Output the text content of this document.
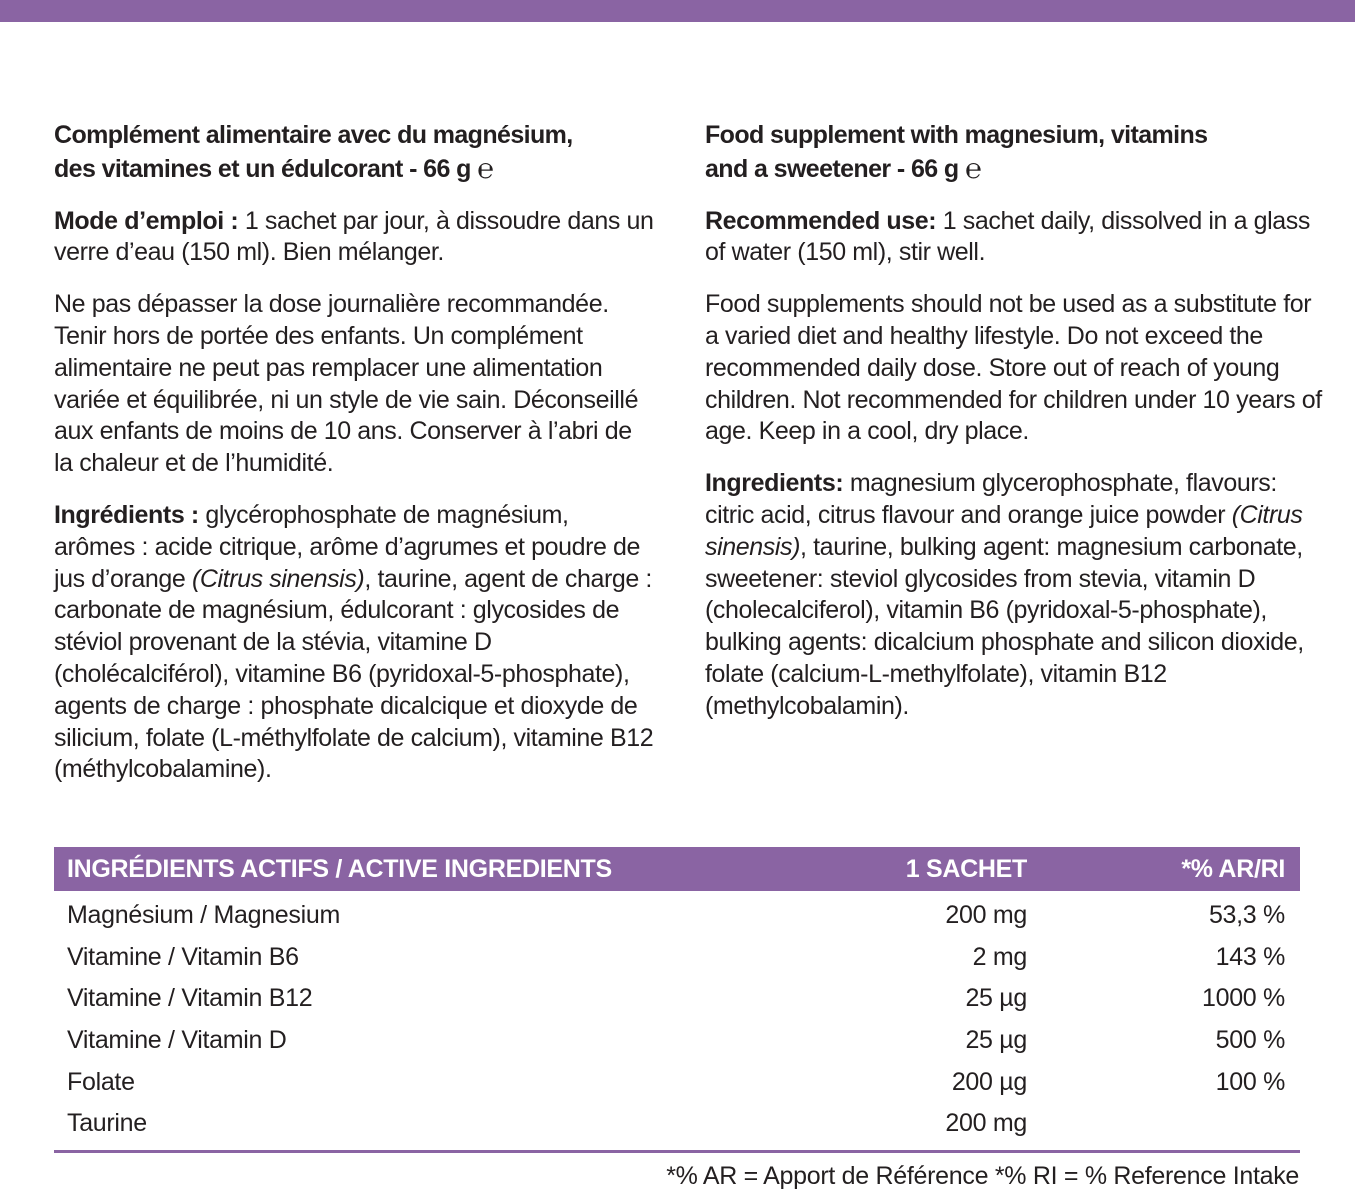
Complément alimentaire avec du magnésium,
des vitamines et un édulcorant - 66 g ℮

Mode d’emploi : 1 sachet par jour, à dissoudre dans un verre d’eau (150 ml). Bien mélanger.

Ne pas dépasser la dose journalière recommandée. Tenir hors de portée des enfants. Un complément alimentaire ne peut pas remplacer une alimentation variée et équilibrée, ni un style de vie sain. Déconseillé aux enfants de moins de 10 ans. Conserver à l’abri de la chaleur et de l’humidité.

Ingrédients : glycérophosphate de magnésium, arômes : acide citrique, arôme d’agrumes et poudre de jus d’orange (Citrus sinensis), taurine, agent de charge : carbonate de magnésium, édulcorant : glycosides de stéviol provenant de la stévia, vitamine D (cholécalciférol), vitamine B6 (pyridoxal-5-phosphate), agents de charge : phosphate dicalcique et dioxyde de silicium, folate (L-méthylfolate de calcium), vitamine B12 (méthylcobalamine).

Food supplement with magnesium, vitamins
and a sweetener - 66 g ℮

Recommended use: 1 sachet daily, dissolved in a glass of water (150 ml), stir well.

Food supplements should not be used as a substitute for a varied diet and healthy lifestyle. Do not exceed the recommended daily dose. Store out of reach of young children. Not recommended for children under 10 years of age. Keep in a cool, dry place.

Ingredients: magnesium glycerophosphate, flavours: citric acid, citrus flavour and orange juice powder (Citrus sinensis), taurine, bulking agent: magnesium carbonate, sweetener: steviol glycosides from stevia, vitamin D (cholecalciferol), vitamin B6 (pyridoxal-5-phosphate), bulking agents: dicalcium phosphate and silicon dioxide, folate (calcium-L-methylfolate), vitamin B12 (methylcobalamin).

INGRÉDIENTS ACTIFS / ACTIVE INGREDIENTS	1 SACHET	*% AR/RI
Magnésium / Magnesium	200 mg	53,3 %
Vitamine / Vitamin B6	2 mg	143 %
Vitamine / Vitamin B12	25 µg	1000 %
Vitamine / Vitamin D	25 µg	500 %
Folate	200 µg	100 %
Taurine	200 mg
*% AR = Apport de Référence *% RI = % Reference Intake
